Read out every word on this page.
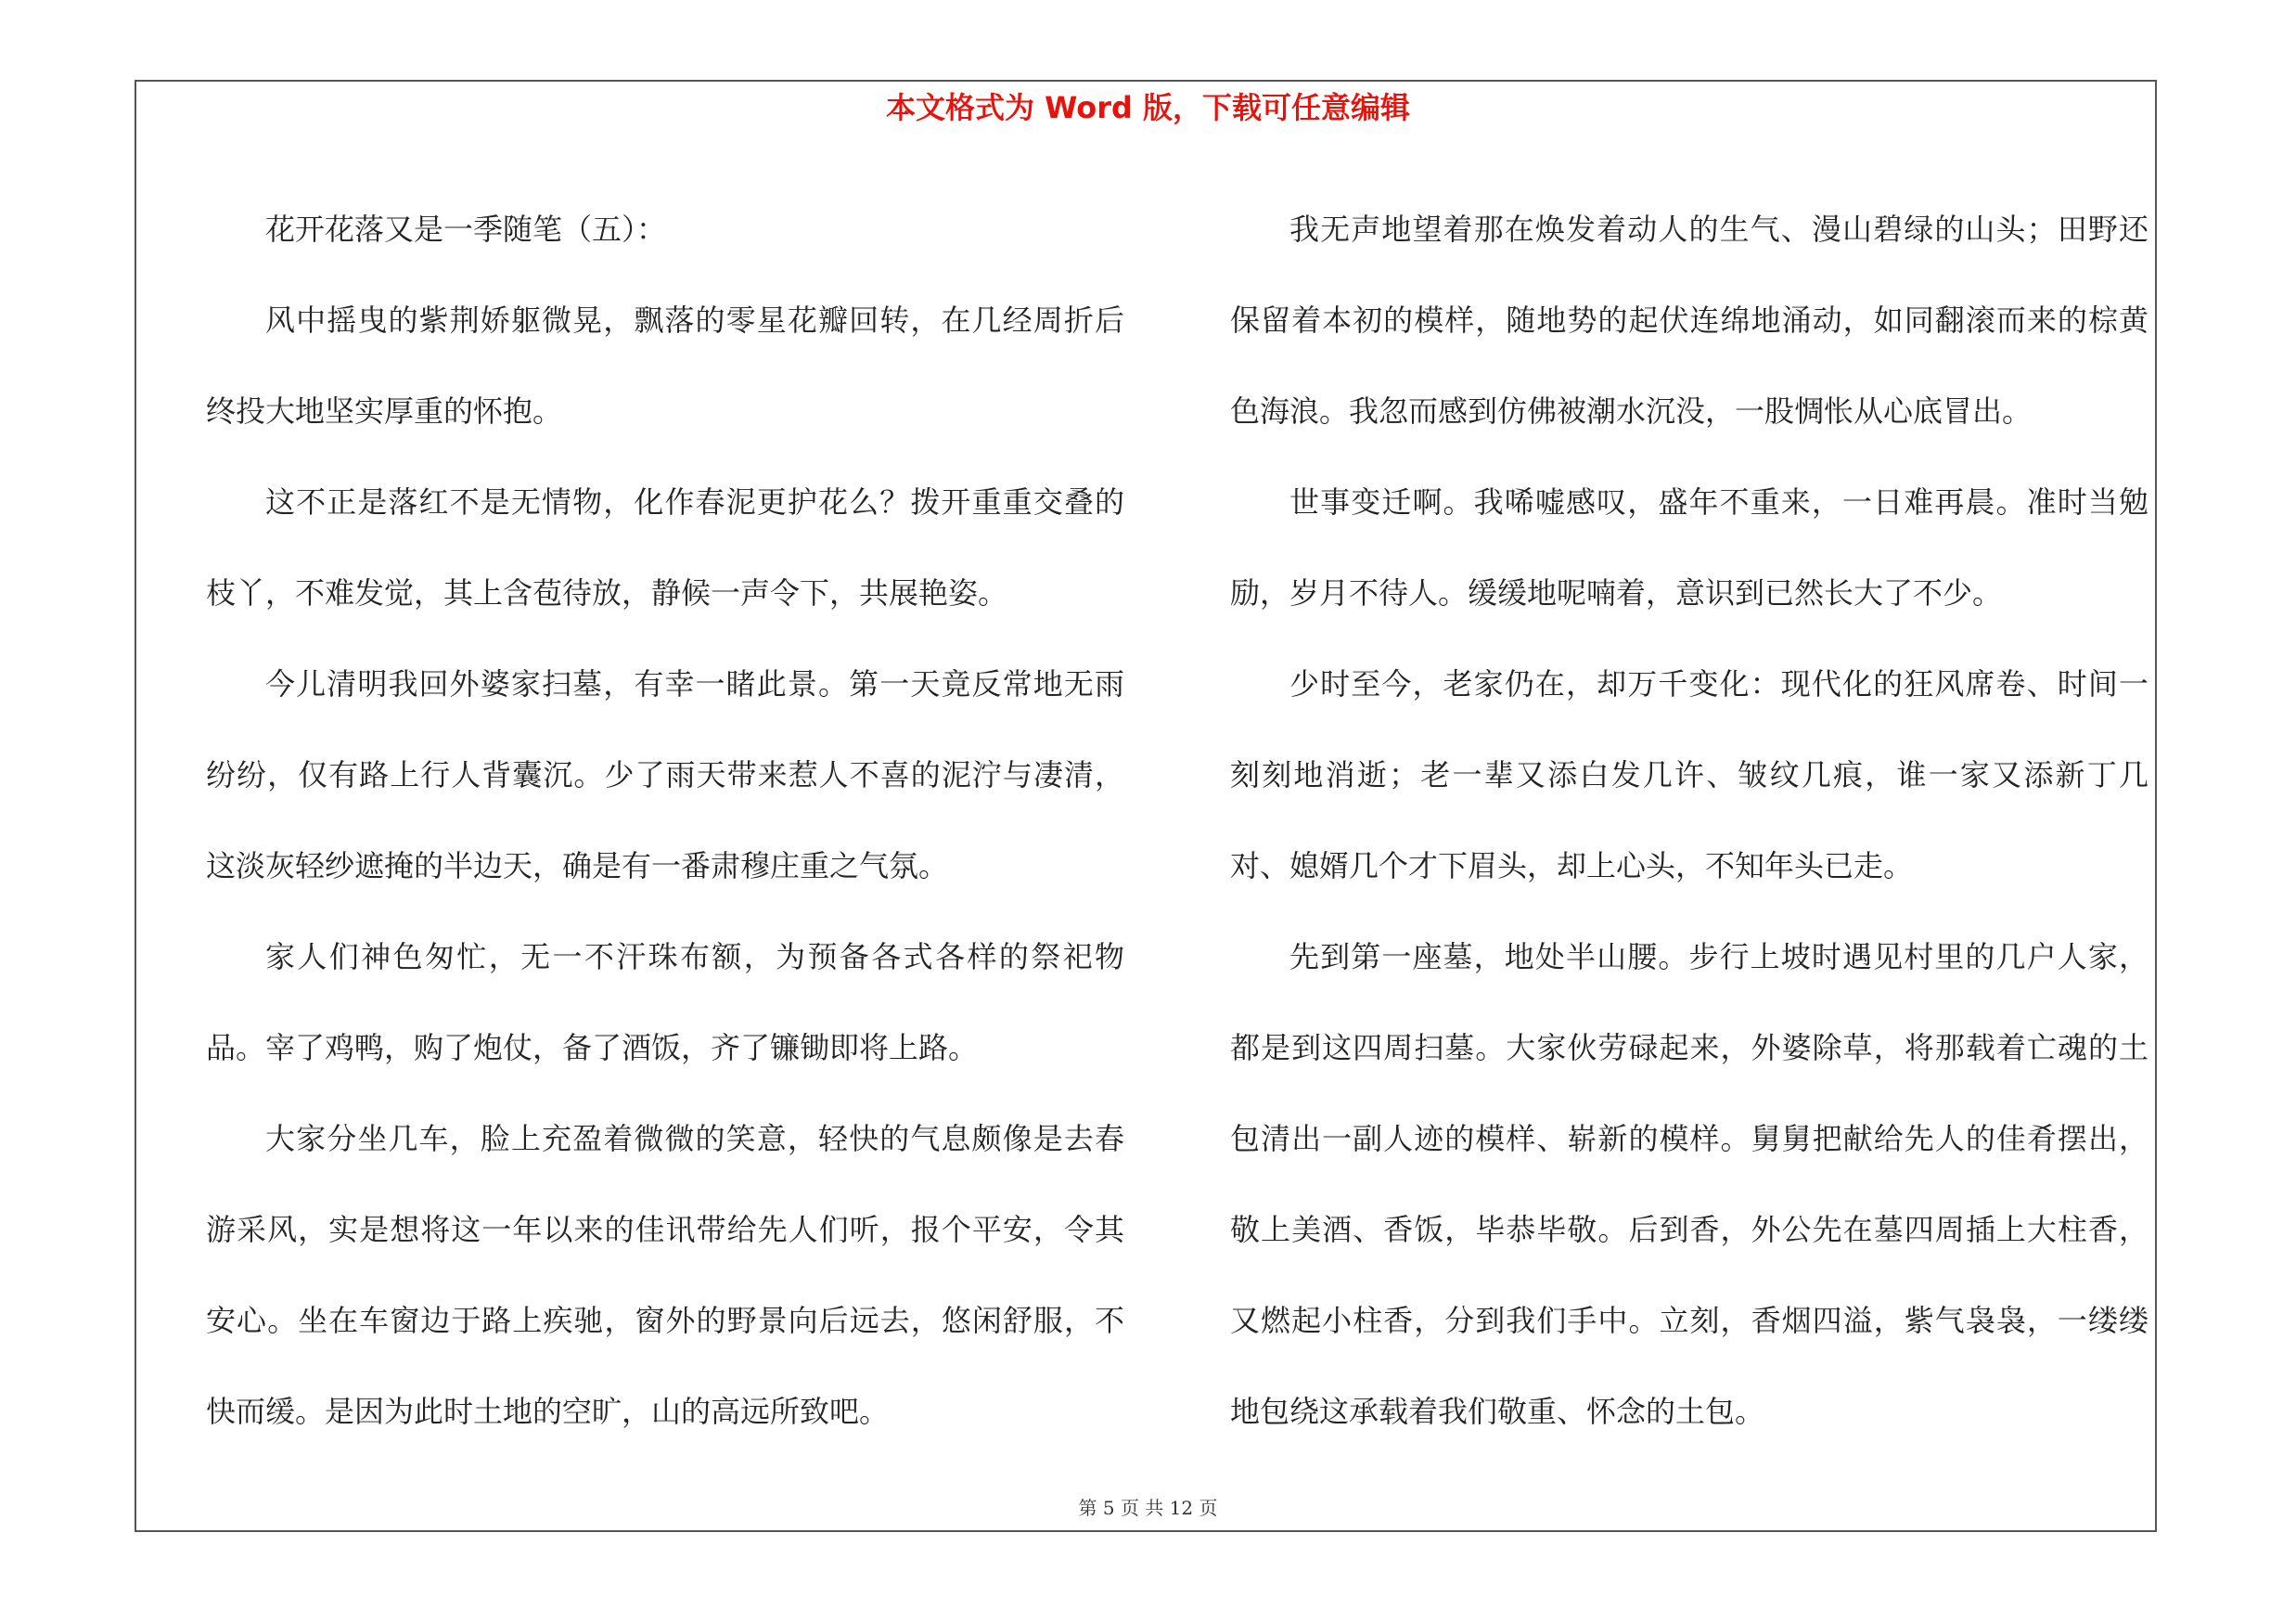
本文格式为 Word 版，下载可任意编辑

花开花落又是一季随笔（五）：

风中摇曳的紫荆娇躯微晃，飘落的零星花瓣回转，在几经周折后终投大地坚实厚重的怀抱。

这不正是落红不是无情物，化作春泥更护花么？拨开重重交叠的枝丫，不难发觉，其上含苞待放，静候一声令下，共展艳姿。

今儿清明我回外婆家扫墓，有幸一睹此景。第一天竟反常地无雨纷纷，仅有路上行人背囊沉。少了雨天带来惹人不喜的泥泞与凄清，这淡灰轻纱遮掩的半边天，确是有一番肃穆庄重之气氛。

家人们神色匆忙，无一不汗珠布额，为预备各式各样的祭祀物品。宰了鸡鸭，购了炮仗，备了酒饭，齐了镰锄即将上路。

大家分坐几车，脸上充盈着微微的笑意，轻快的气息颇像是去春游采风，实是想将这一年以来的佳讯带给先人们听，报个平安，令其安心。坐在车窗边于路上疾驰，窗外的野景向后远去，悠闲舒服，不快而缓。是因为此时土地的空旷，山的高远所致吧。

我无声地望着那在焕发着动人的生气、漫山碧绿的山头；田野还保留着本初的模样，随地势的起伏连绵地涌动，如同翻滚而来的棕黄色海浪。我忽而感到仿佛被潮水沉没，一股惆怅从心底冒出。

世事变迁啊。我唏嘘感叹，盛年不重来，一日难再晨。准时当勉励，岁月不待人。缓缓地呢喃着，意识到已然长大了不少。

少时至今，老家仍在，却万千变化：现代化的狂风席卷、时间一刻刻地消逝；老一辈又添白发几许、皱纹几痕，谁一家又添新丁几对、媳婿几个才下眉头，却上心头，不知年头已走。

先到第一座墓，地处半山腰。步行上坡时遇见村里的几户人家，都是到这四周扫墓。大家伙劳碌起来，外婆除草，将那载着亡魂的土包清出一副人迹的模样、崭新的模样。舅舅把献给先人的佳肴摆出，敬上美酒、香饭，毕恭毕敬。后到香，外公先在墓四周插上大柱香，又燃起小柱香，分到我们手中。立刻，香烟四溢，紫气袅袅，一缕缕地包绕这承载着我们敬重、怀念的土包。

第 5 页 共 12 页
